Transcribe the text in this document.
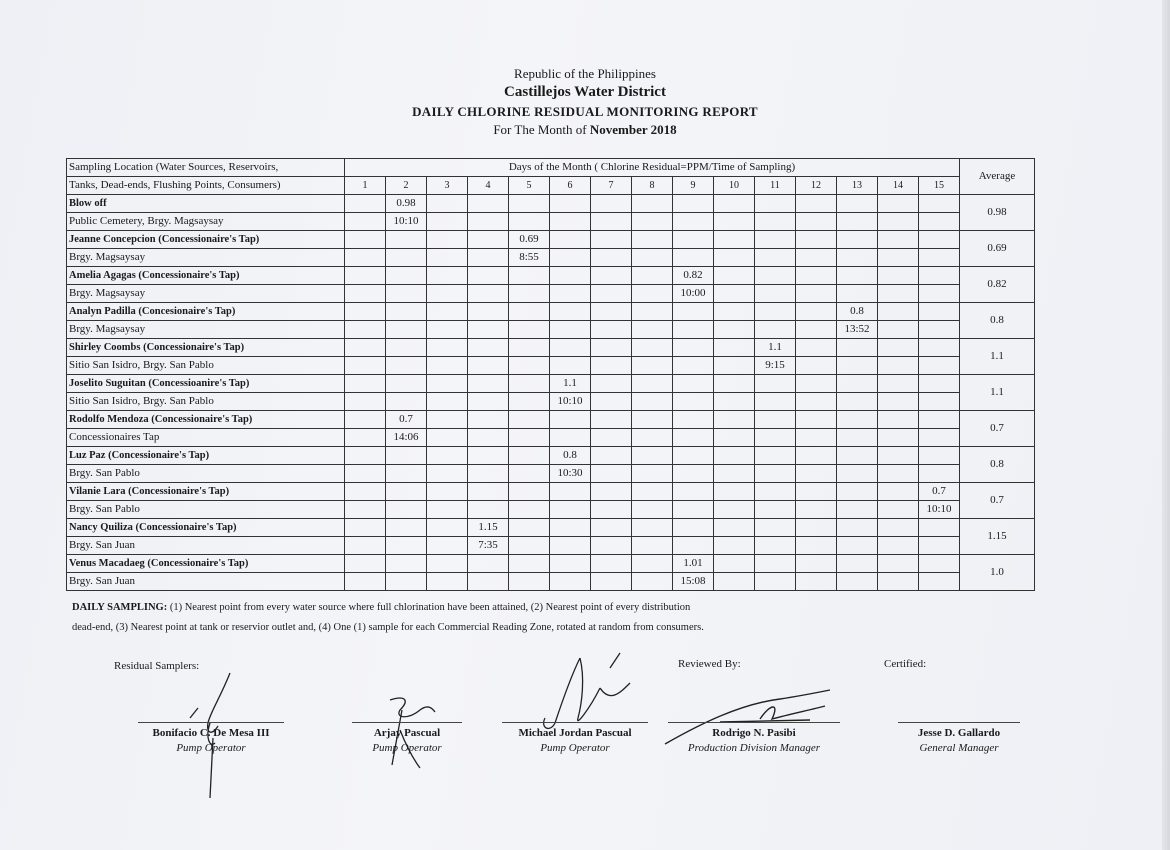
Republic of the Philippines
Castillejos Water District
DAILY CHLORINE RESIDUAL MONITORING REPORT
For The Month of November 2018
Sampling Location (Water Sources, Reservoirs,	Days of the Month ( Chlorine Residual=PPM/Time of Sampling)															Average
Tanks, Dead-ends, Flushing Points, Consumers)	1	2	3	4	5	6	7	8	9	10	11	12	13	14	15	
Blow off		0.98														0.98
Public Cemetery, Brgy. Magsaysay		10:10														
Jeanne Concepcion (Concessionaire's Tap)					0.69											0.69
Brgy. Magsaysay					8:55											
Amelia Agagas (Concessionaire's Tap)									0.82							0.82
Brgy. Magsaysay									10:00							
Analyn Padilla (Concesionaire's Tap)													0.8			0.8
Brgy. Magsaysay													13:52			
Shirley Coombs (Concessionaire's Tap)											1.1					1.1
Sitio San Isidro, Brgy. San Pablo											9:15					
Joselito Suguitan (Concessioanire's Tap)						1.1										1.1
Sitio San Isidro, Brgy. San Pablo						10:10										
Rodolfo Mendoza (Concessionaire's Tap)		0.7														0.7
Concessionaires Tap		14:06														
Luz Paz (Concessionaire's Tap)						0.8										0.8
Brgy. San Pablo						10:30										
Vilanie Lara (Concessionaire's Tap)															0.7	0.7
Brgy. San Pablo															10:10	
Nancy Quiliza (Concessionaire's Tap)				1.15												1.15
Brgy. San Juan				7:35												
Venus Macadaeg (Concessionaire's Tap)									1.01							1.0
Brgy. San Juan									15:08							
DAILY SAMPLING: (1) Nearest point from every water source where full chlorination have been attained, (2) Nearest point of every distribution
dead-end, (3) Nearest point at tank or reservior outlet and, (4) One (1) sample for each Commercial Reading Zone, rotated at random from consumers.
Residual Samplers:	Reviewed By:	Certified:
Bonifacio C. De Mesa III
Pump Operator
Arjay Pascual
Pump Operator
Michael Jordan Pascual
Pump Operator
Rodrigo N. Pasibi
Production Division Manager
Jesse D. Gallardo
General Manager
